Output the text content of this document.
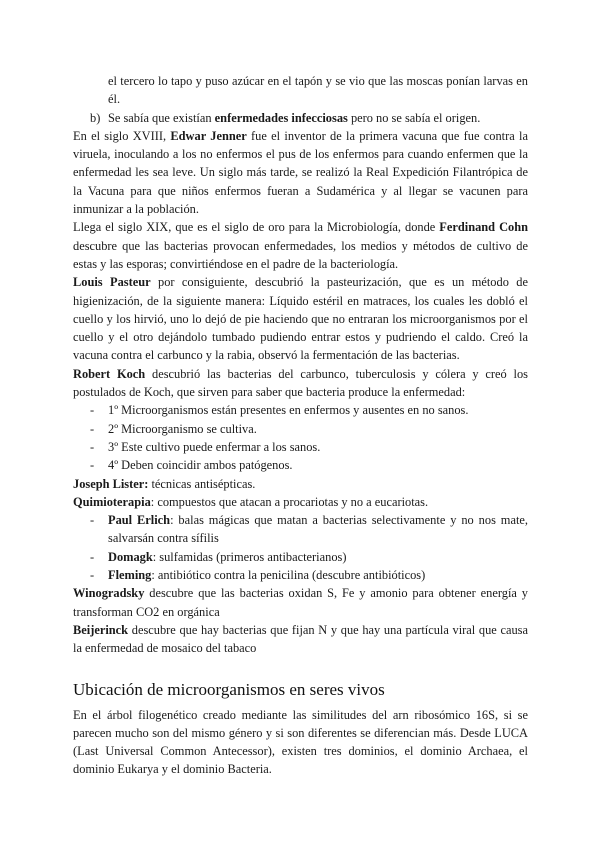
el tercero lo tapo y puso azúcar en el tapón y se vio que las moscas ponían larvas en él.

b) Se sabía que existían enfermedades infecciosas pero no se sabía el origen.

En el siglo XVIII, Edwar Jenner fue el inventor de la primera vacuna que fue contra la viruela, inoculando a los no enfermos el pus de los enfermos para cuando enfermen que la enfermedad les sea leve. Un siglo más tarde, se realizó la Real Expedición Filantrópica de la Vacuna para que niños enfermos fueran a Sudamérica y al llegar se vacunen para inmunizar a la población.

Llega el siglo XIX, que es el siglo de oro para la Microbiología, donde Ferdinand Cohn descubre que las bacterias provocan enfermedades, los medios y métodos de cultivo de estas y las esporas; convirtiéndose en el padre de la bacteriología.

Louis Pasteur por consiguiente, descubrió la pasteurización, que es un método de higienización, de la siguiente manera: Líquido estéril en matraces, los cuales les dobló el cuello y los hirvió, uno lo dejó de pie haciendo que no entraran los microorganismos por el cuello y el otro dejándolo tumbado pudiendo entrar estos y pudriendo el caldo. Creó la vacuna contra el carbunco y la rabia, observó la fermentación de las bacterias.

Robert Koch descubrió las bacterias del carbunco, tuberculosis y cólera y creó los postulados de Koch, que sirven para saber que bacteria produce la enfermedad:

- 1º Microorganismos están presentes en enfermos y ausentes en no sanos.
- 2º Microorganismo se cultiva.
- 3º Este cultivo puede enfermar a los sanos.
- 4º Deben coincidir ambos patógenos.

Joseph Lister: técnicas antisépticas.

Quimioterapia: compuestos que atacan a procariotas y no a eucariotas.

- Paul Erlich: balas mágicas que matan a bacterias selectivamente y no nos mate, salvarsán contra sífilis
- Domagk: sulfamidas (primeros antibacterianos)
- Fleming: antibiótico contra la penicilina (descubre antibióticos)

Winogradsky descubre que las bacterias oxidan S, Fe y amonio para obtener energía y transforman CO2 en orgánica

Beijerinck descubre que hay bacterias que fijan N y que hay una partícula viral que causa la enfermedad de mosaico del tabaco

Ubicación de microorganismos en seres vivos

En el árbol filogenético creado mediante las similitudes del arn ribosómico 16S, si se parecen mucho son del mismo género y si son diferentes se diferencian más. Desde LUCA (Last Universal Common Antecessor), existen tres dominios, el dominio Archaea, el dominio Eukarya y el dominio Bacteria.
